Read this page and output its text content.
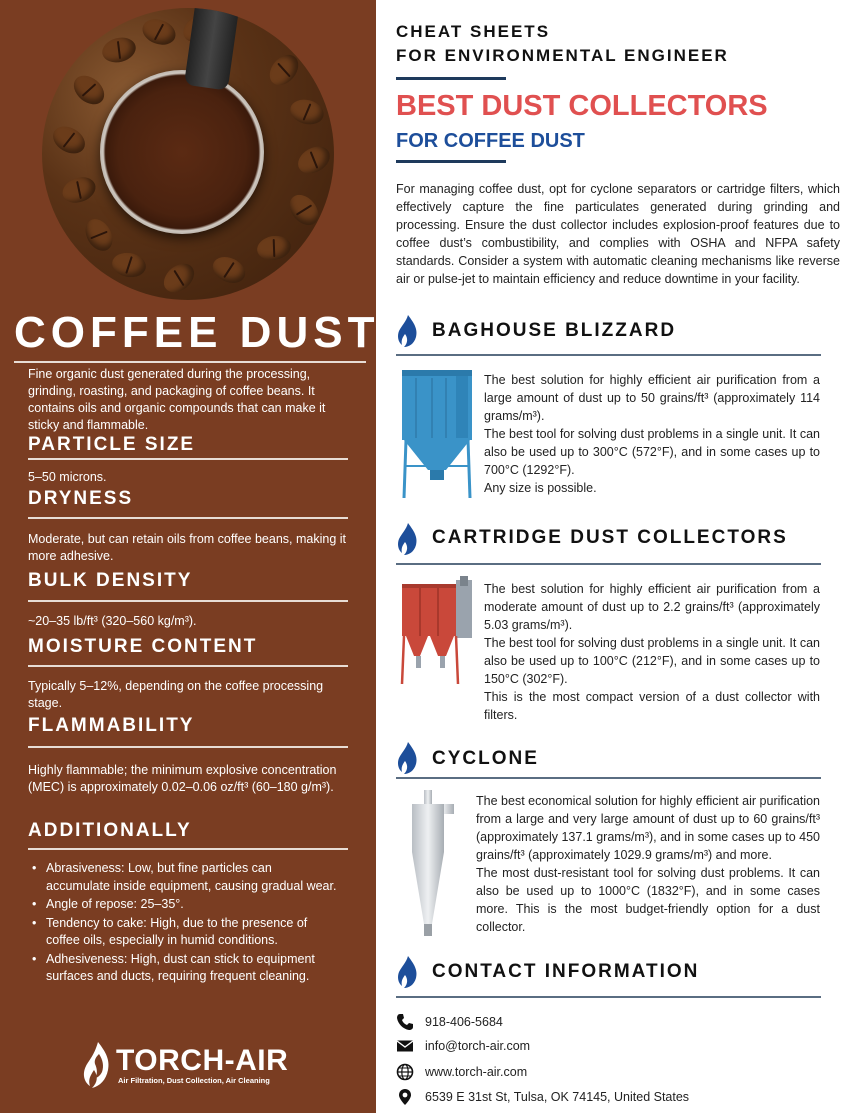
COFFEE DUST
Fine organic dust generated during the processing, grinding, roasting, and packaging of coffee beans. It contains oils and organic compounds that can make it sticky and flammable.
PARTICLE SIZE
5–50 microns.
DRYNESS
Moderate, but can retain oils from coffee beans, making it more adhesive.
BULK DENSITY
~20–35 lb/ft³ (320–560 kg/m³).
MOISTURE CONTENT
Typically 5–12%, depending on the coffee processing stage.
FLAMMABILITY
Highly flammable; the minimum explosive concentration (MEC) is approximately 0.02–0.06 oz/ft³ (60–180 g/m³).
ADDITIONALLY
• Abrasiveness: Low, but fine particles can accumulate inside equipment, causing gradual wear.
• Angle of repose: 25–35°.
• Tendency to cake: High, due to the presence of coffee oils, especially in humid conditions.
• Adhesiveness: High, dust can stick to equipment surfaces and ducts, requiring frequent cleaning.
TORCH-AIR
Air Filtration, Dust Collection, Air Cleaning
CHEAT SHEETS
FOR ENVIRONMENTAL ENGINEER
BEST DUST COLLECTORS
FOR COFFEE DUST
For managing coffee dust, opt for cyclone separators or cartridge filters, which effectively capture the fine particulates generated during grinding and processing. Ensure the dust collector includes explosion-proof features due to coffee dust’s combustibility, and complies with OSHA and NFPA safety standards. Consider a system with automatic cleaning mechanisms like reverse air or pulse-jet to maintain efficiency and reduce downtime in your facility.
BAGHOUSE BLIZZARD
The best solution for highly efficient air purification from a large amount of dust up to 50 grains/ft³ (approximately 114 grams/m³).
The best tool for solving dust problems in a single unit. It can also be used up to 300°C (572°F), and in some cases up to 700°C (1292°F).
Any size is possible.
CARTRIDGE DUST COLLECTORS
The best solution for highly efficient air purification from a moderate amount of dust up to 2.2 grains/ft³ (approximately 5.03 grams/m³).
The best tool for solving dust problems in a single unit. It can also be used up to 100°C (212°F), and in some cases up to 150°C (302°F).
This is the most compact version of a dust collector with filters.
CYCLONE
The best economical solution for highly efficient air purification from a large and very large amount of dust up to 60 grains/ft³ (approximately 137.1 grams/m³), and in some cases up to 450 grains/ft³ (approximately 1029.9 grams/m³) and more.
The most dust-resistant tool for solving dust problems. It can also be used up to 1000°C (1832°F), and in some cases more. This is the most budget-friendly option for a dust collector.
CONTACT INFORMATION
918-406-5684
info@torch-air.com
www.torch-air.com
6539 E 31st St, Tulsa, OK 74145, United States
